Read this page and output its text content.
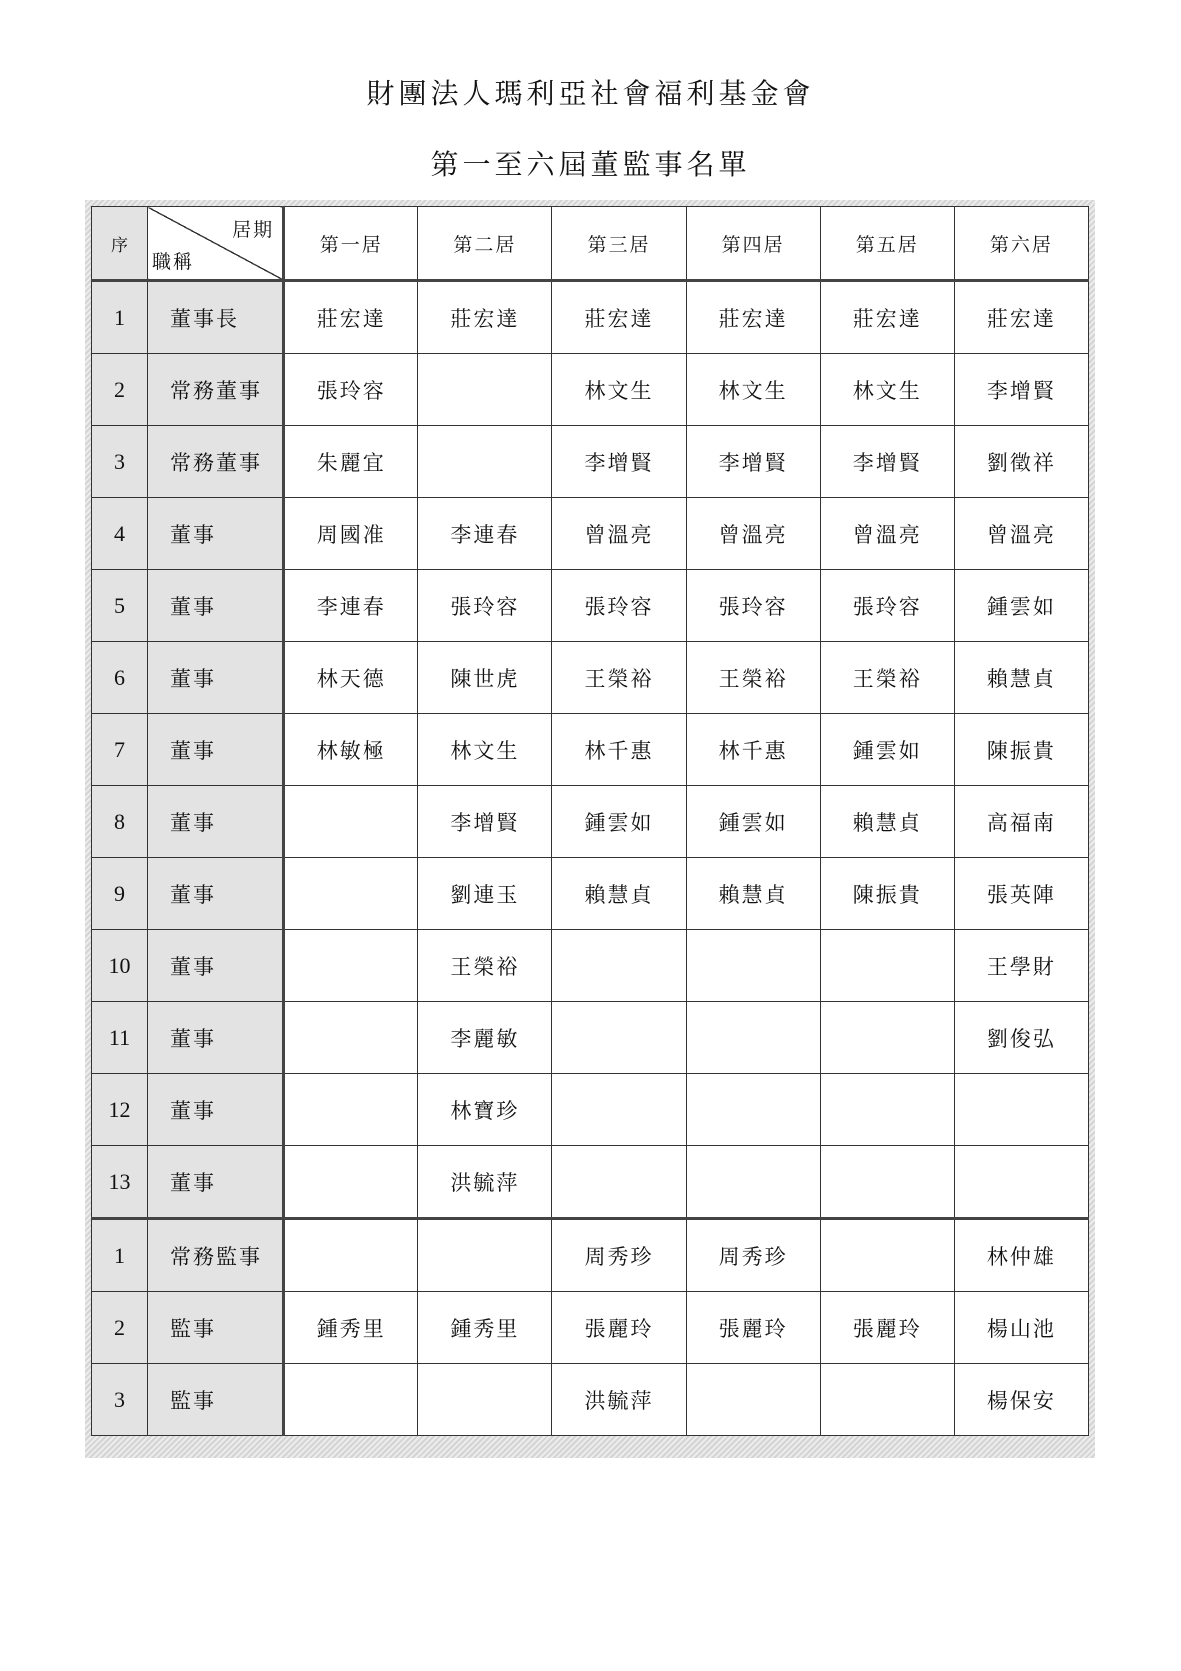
財團法人瑪利亞社會福利基金會
第一至六屆董監事名單
序	居期
職稱	第一居	第二居	第三居	第四居	第五居	第六居
1	董事長	莊宏達	莊宏達	莊宏達	莊宏達	莊宏達	莊宏達
2	常務董事	張玲容		林文生	林文生	林文生	李增賢
3	常務董事	朱麗宜		李增賢	李增賢	李增賢	劉徵祥
4	董事	周國准	李連春	曾溫亮	曾溫亮	曾溫亮	曾溫亮
5	董事	李連春	張玲容	張玲容	張玲容	張玲容	鍾雲如
6	董事	林天德	陳世虎	王榮裕	王榮裕	王榮裕	賴慧貞
7	董事	林敏極	林文生	林千惠	林千惠	鍾雲如	陳振貴
8	董事		李增賢	鍾雲如	鍾雲如	賴慧貞	高福南
9	董事		劉連玉	賴慧貞	賴慧貞	陳振貴	張英陣
10	董事		王榮裕				王學財
11	董事		李麗敏				劉俊弘
12	董事		林寶珍				
13	董事		洪毓萍				
1	常務監事			周秀珍	周秀珍		林仲雄
2	監事	鍾秀里	鍾秀里	張麗玲	張麗玲	張麗玲	楊山池
3	監事			洪毓萍			楊保安
